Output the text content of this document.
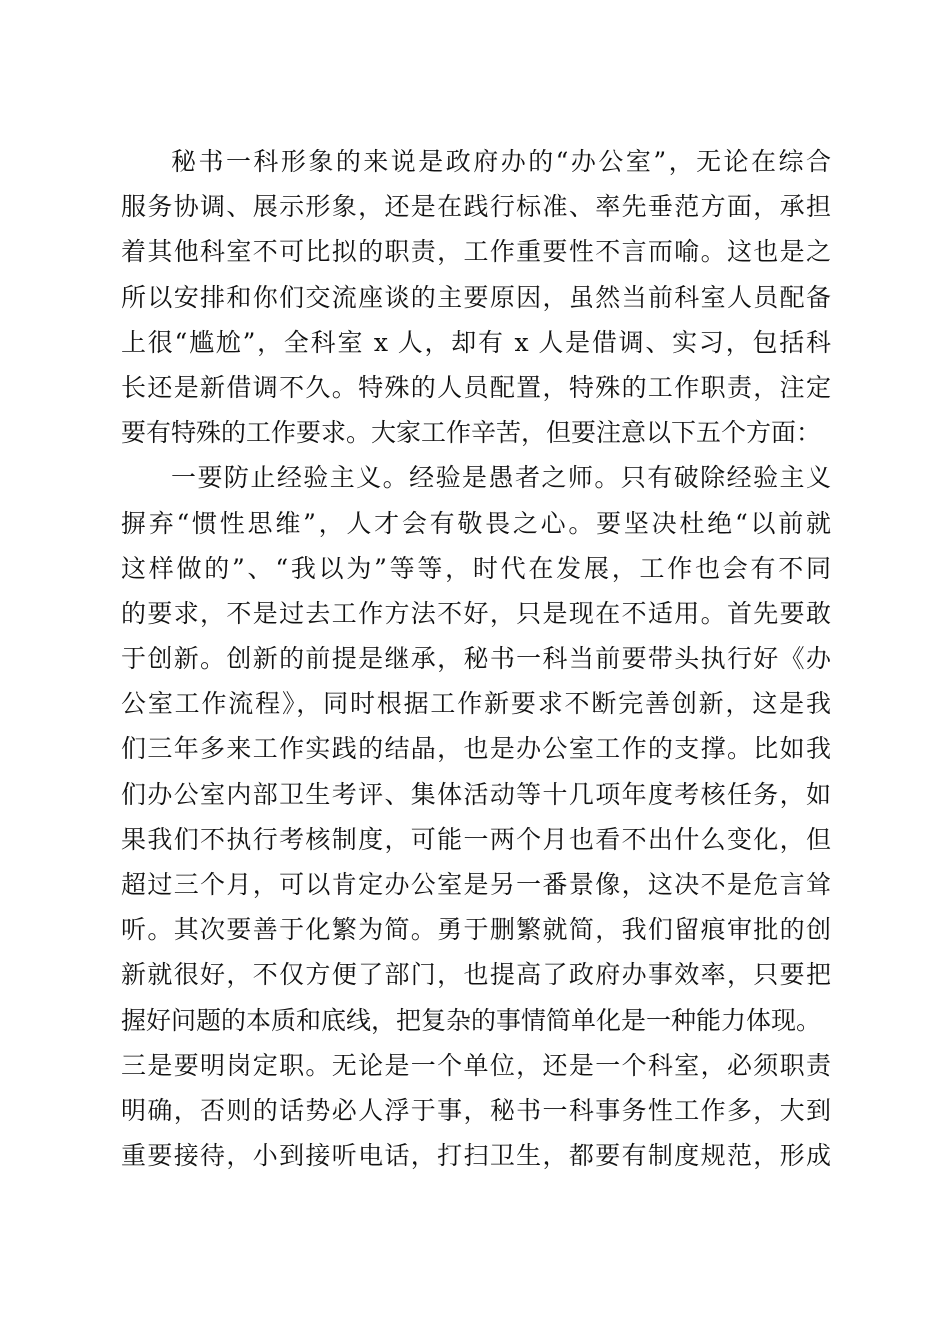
秘书一科形象的来说是政府办的“办公室”，无论在综合
服务协调、展示形象，还是在践行标准、率先垂范方面，承担
着其他科室不可比拟的职责，工作重要性不言而喻。这也是之
所以安排和你们交流座谈的主要原因，虽然当前科室人员配备
上很“尴尬”，全科室 x 人，却有 x 人是借调、实习，包括科
长还是新借调不久。特殊的人员配置，特殊的工作职责，注定
要有特殊的工作要求。大家工作辛苦，但要注意以下五个方面：
一要防止经验主义。经验是愚者之师。只有破除经验主义
摒弃“惯性思维”，人才会有敬畏之心。要坚决杜绝“以前就
这样做的”、“我以为”等等，时代在发展，工作也会有不同
的要求，不是过去工作方法不好，只是现在不适用。首先要敢
于创新。创新的前提是继承，秘书一科当前要带头执行好《办
公室工作流程》，同时根据工作新要求不断完善创新，这是我
们三年多来工作实践的结晶，也是办公室工作的支撑。比如我
们办公室内部卫生考评、集体活动等十几项年度考核任务，如
果我们不执行考核制度，可能一两个月也看不出什么变化，但
超过三个月，可以肯定办公室是另一番景像，这决不是危言耸
听。其次要善于化繁为简。勇于删繁就简，我们留痕审批的创
新就很好，不仅方便了部门，也提高了政府办事效率，只要把
握好问题的本质和底线，把复杂的事情简单化是一种能力体现。
三是要明岗定职。无论是一个单位，还是一个科室，必须职责
明确，否则的话势必人浮于事，秘书一科事务性工作多，大到
重要接待，小到接听电话，打扫卫生，都要有制度规范，形成
